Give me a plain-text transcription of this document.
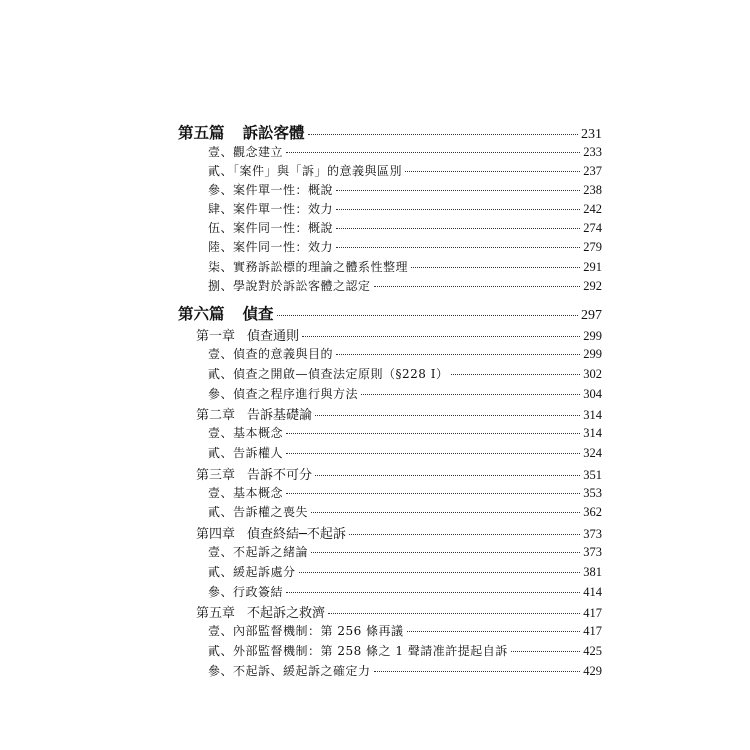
第五篇 訴訟客體	231
壹、觀念建立	233
貳、「案件」與「訴」的意義與區別	237
參、案件單一性：概說	238
肆、案件單一性：效力	242
伍、案件同一性：概說	274
陸、案件同一性：效力	279
柒、實務訴訟標的理論之體系性整理	291
捌、學說對於訴訟客體之認定	292
第六篇 偵查	297
第一章 偵查通則	299
壹、偵查的意義與目的	299
貳、偵查之開啟—偵查法定原則（§228 Ⅰ）	302
參、偵查之程序進行與方法	304
第二章 告訴基礎論	314
壹、基本概念	314
貳、告訴權人	324
第三章 告訴不可分	351
壹、基本概念	353
貳、告訴權之喪失	362
第四章 偵查終結─不起訴	373
壹、不起訴之緒論	373
貳、緩起訴處分	381
參、行政簽結	414
第五章 不起訴之救濟	417
壹、內部監督機制：第 256 條再議	417
貳、外部監督機制：第 258 條之 1 聲請准許提起自訴	425
參、不起訴、緩起訴之確定力	429
